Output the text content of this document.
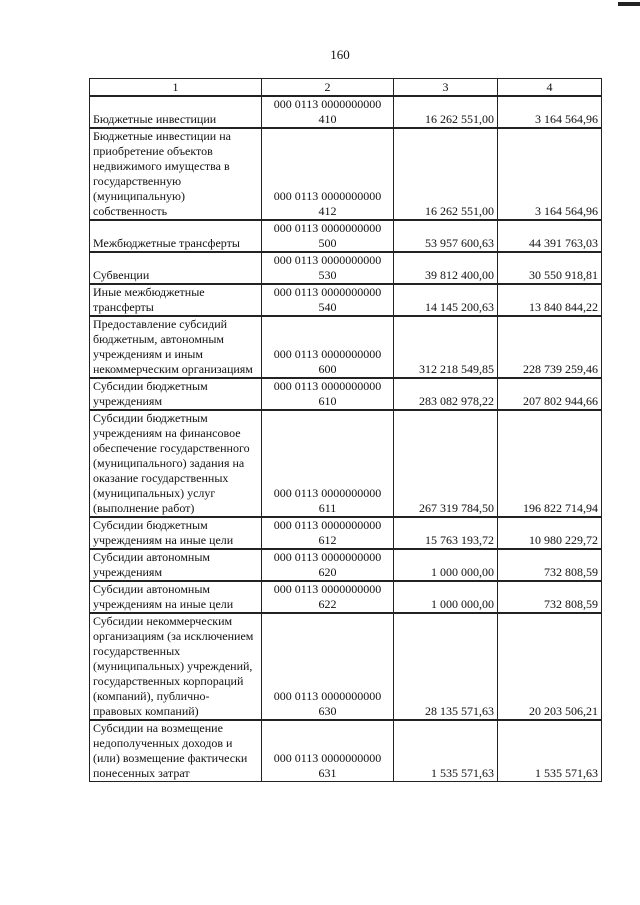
160
1	2	3	4
Бюджетные инвестиции	000 0113 0000000000 410	16 262 551,00	3 164 564,96
Бюджетные инвестиции на приобретение объектов недвижимого имущества в государственную (муниципальную) собственность	000 0113 0000000000 412	16 262 551,00	3 164 564,96
Межбюджетные трансферты	000 0113 0000000000 500	53 957 600,63	44 391 763,03
Субвенции	000 0113 0000000000 530	39 812 400,00	30 550 918,81
Иные межбюджетные трансферты	000 0113 0000000000 540	14 145 200,63	13 840 844,22
Предоставление субсидий бюджетным, автономным учреждениям и иным некоммерческим организациям	000 0113 0000000000 600	312 218 549,85	228 739 259,46
Субсидии бюджетным учреждениям	000 0113 0000000000 610	283 082 978,22	207 802 944,66
Субсидии бюджетным учреждениям на финансовое обеспечение государственного (муниципального) задания на оказание государственных (муниципальных) услуг (выполнение работ)	000 0113 0000000000 611	267 319 784,50	196 822 714,94
Субсидии бюджетным учреждениям на иные цели	000 0113 0000000000 612	15 763 193,72	10 980 229,72
Субсидии автономным учреждениям	000 0113 0000000000 620	1 000 000,00	732 808,59
Субсидии автономным учреждениям на иные цели	000 0113 0000000000 622	1 000 000,00	732 808,59
Субсидии некоммерческим организациям (за исключением государственных (муниципальных) учреждений, государственных корпораций (компаний), публично-правовых компаний)	000 0113 0000000000 630	28 135 571,63	20 203 506,21
Субсидии на возмещение недополученных доходов и (или) возмещение фактически понесенных затрат	000 0113 0000000000 631	1 535 571,63	1 535 571,63
